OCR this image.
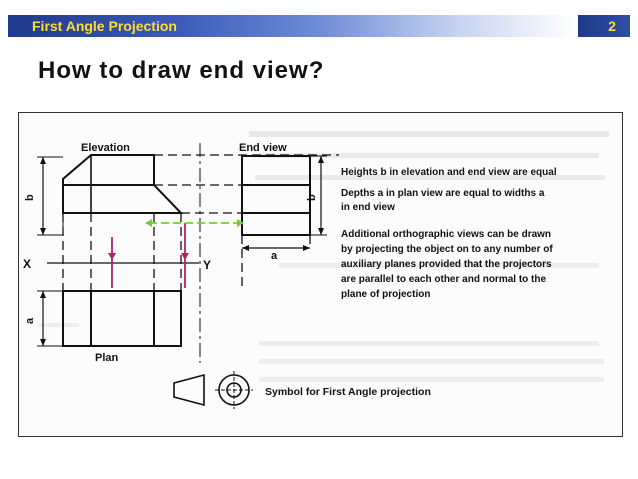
First Angle Projection	2
How to draw end view?
Elevation	End view
Plan
b	b
a
a
X	Y
Heights b in elevation and end view are equal
Depths a in plan view are equal to widths a
in end view
Additional orthographic views can be drawn
by projecting the object on to any number of
auxiliary planes provided that the projectors
are parallel to each other and normal to the
plane of projection
Symbol for First Angle projection
